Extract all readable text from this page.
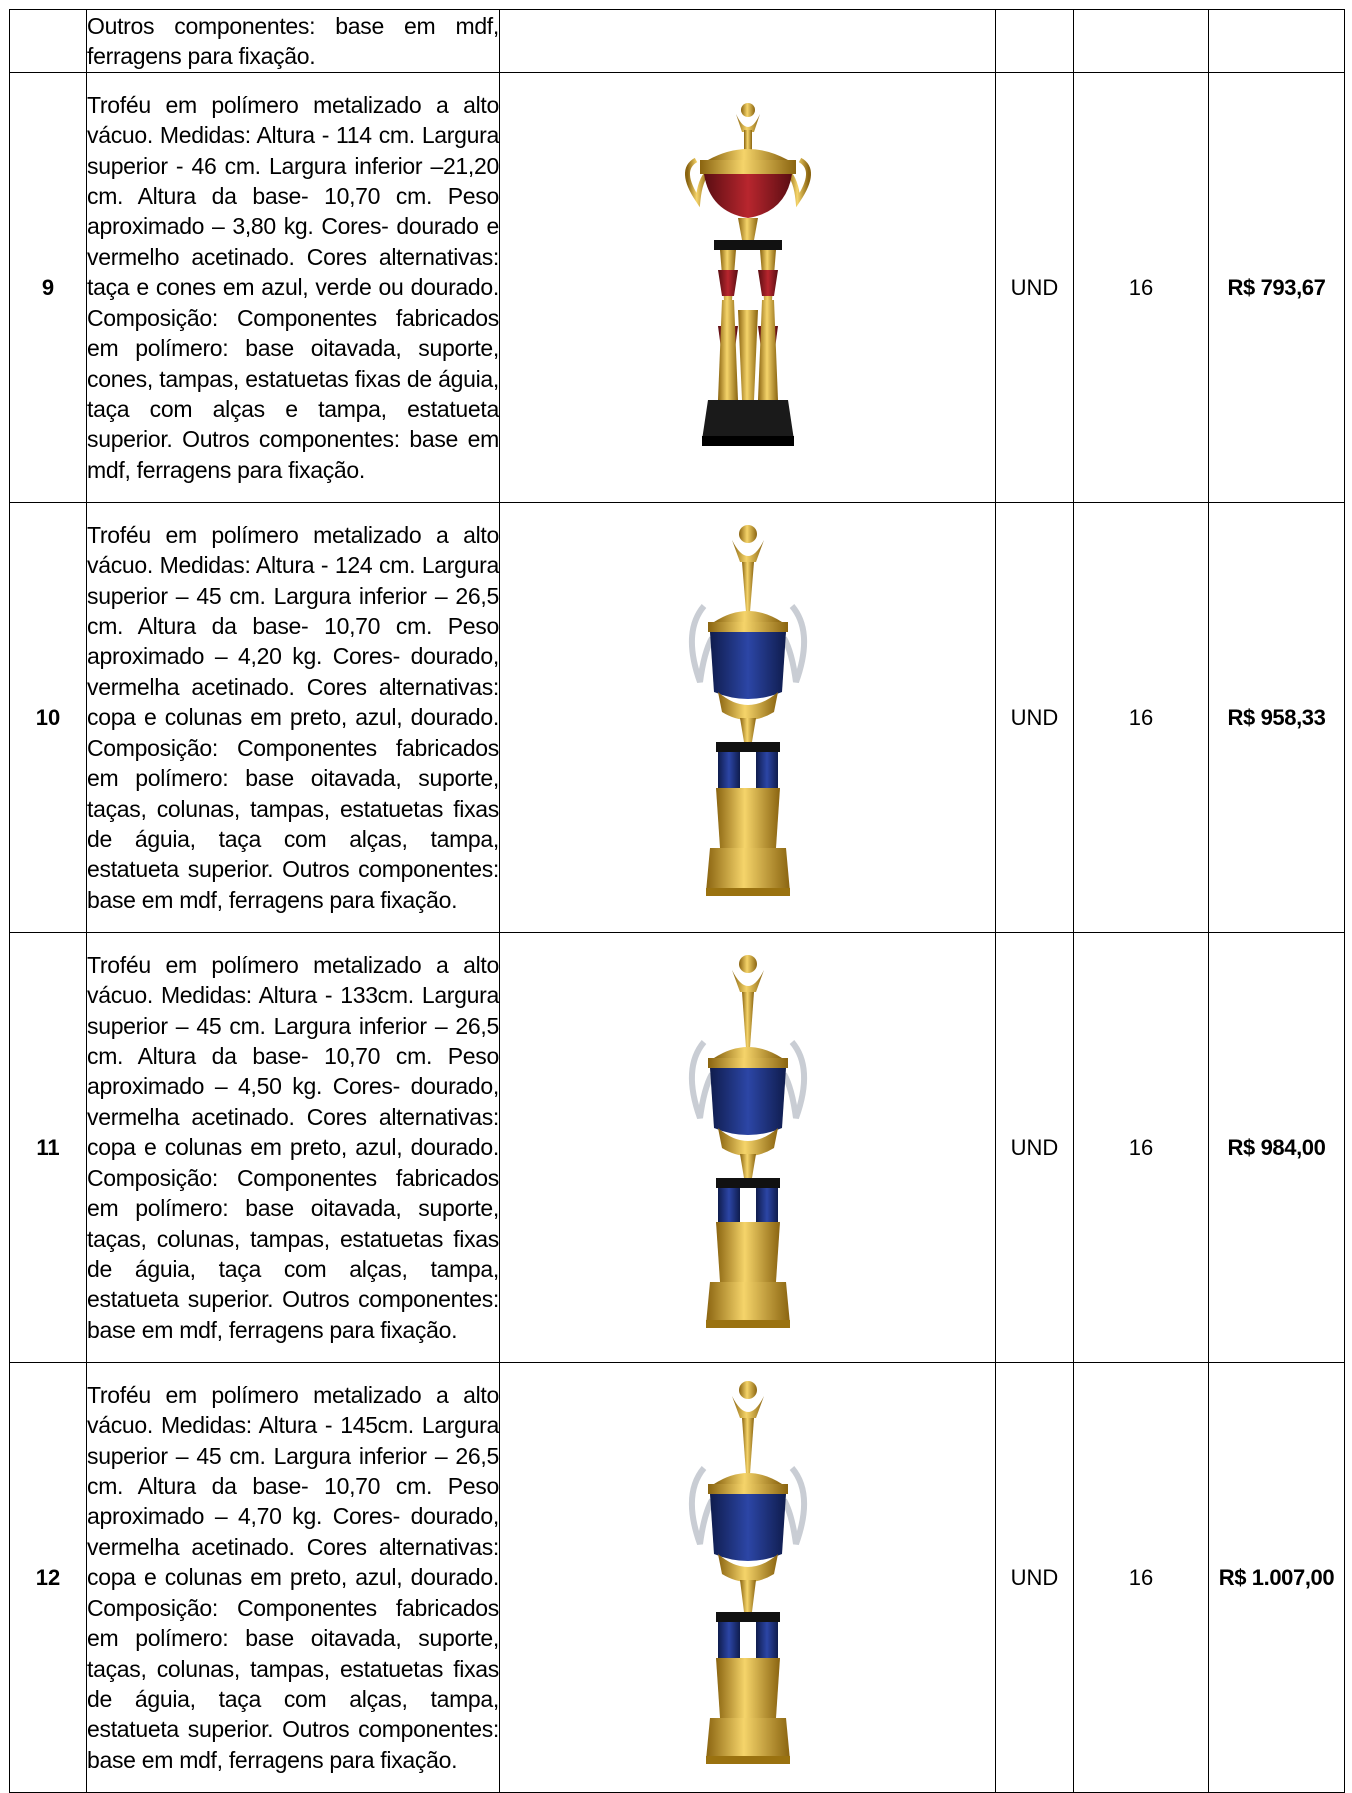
	Outros componentes: base em mdf, ferragens para fixação.				
9	Troféu em polímero metalizado a alto vácuo. Medidas: Altura - 114 cm. Largura superior - 46 cm. Largura inferior –21,20 cm. Altura da base- 10,70 cm. Peso aproximado – 3,80 kg. Cores- dourado e vermelho acetinado. Cores alternativas: taça e cones em azul, verde ou dourado. Composição: Componentes fabricados em polímero: base oitavada, suporte, cones, tampas, estatuetas fixas de águia, taça com alças e tampa, estatueta superior. Outros componentes: base em mdf, ferragens para fixação.		UND	16	R$ 793,67
10	Troféu em polímero metalizado a alto vácuo. Medidas: Altura - 124 cm. Largura superior – 45 cm. Largura inferior – 26,5 cm. Altura da base- 10,70 cm. Peso aproximado – 4,20 kg. Cores- dourado, vermelha acetinado. Cores alternativas: copa e colunas em preto, azul, dourado. Composição: Componentes fabricados em polímero: base oitavada, suporte, taças, colunas, tampas, estatuetas fixas de águia, taça com alças, tampa, estatueta superior. Outros componentes: base em mdf, ferragens para fixação.		UND	16	R$ 958,33
11	Troféu em polímero metalizado a alto vácuo. Medidas: Altura - 133cm. Largura superior – 45 cm. Largura inferior – 26,5 cm. Altura da base- 10,70 cm. Peso aproximado – 4,50 kg. Cores- dourado, vermelha acetinado. Cores alternativas: copa e colunas em preto, azul, dourado. Composição: Componentes fabricados em polímero: base oitavada, suporte, taças, colunas, tampas, estatuetas fixas de águia, taça com alças, tampa, estatueta superior. Outros componentes: base em mdf, ferragens para fixação.		UND	16	R$ 984,00
12	Troféu em polímero metalizado a alto vácuo. Medidas: Altura - 145cm. Largura superior – 45 cm. Largura inferior – 26,5 cm. Altura da base- 10,70 cm. Peso aproximado – 4,70 kg. Cores- dourado, vermelha acetinado. Cores alternativas: copa e colunas em preto, azul, dourado. Composição: Componentes fabricados em polímero: base oitavada, suporte, taças, colunas, tampas, estatuetas fixas de águia, taça com alças, tampa, estatueta superior. Outros componentes: base em mdf, ferragens para fixação.		UND	16	R$ 1.007,00
